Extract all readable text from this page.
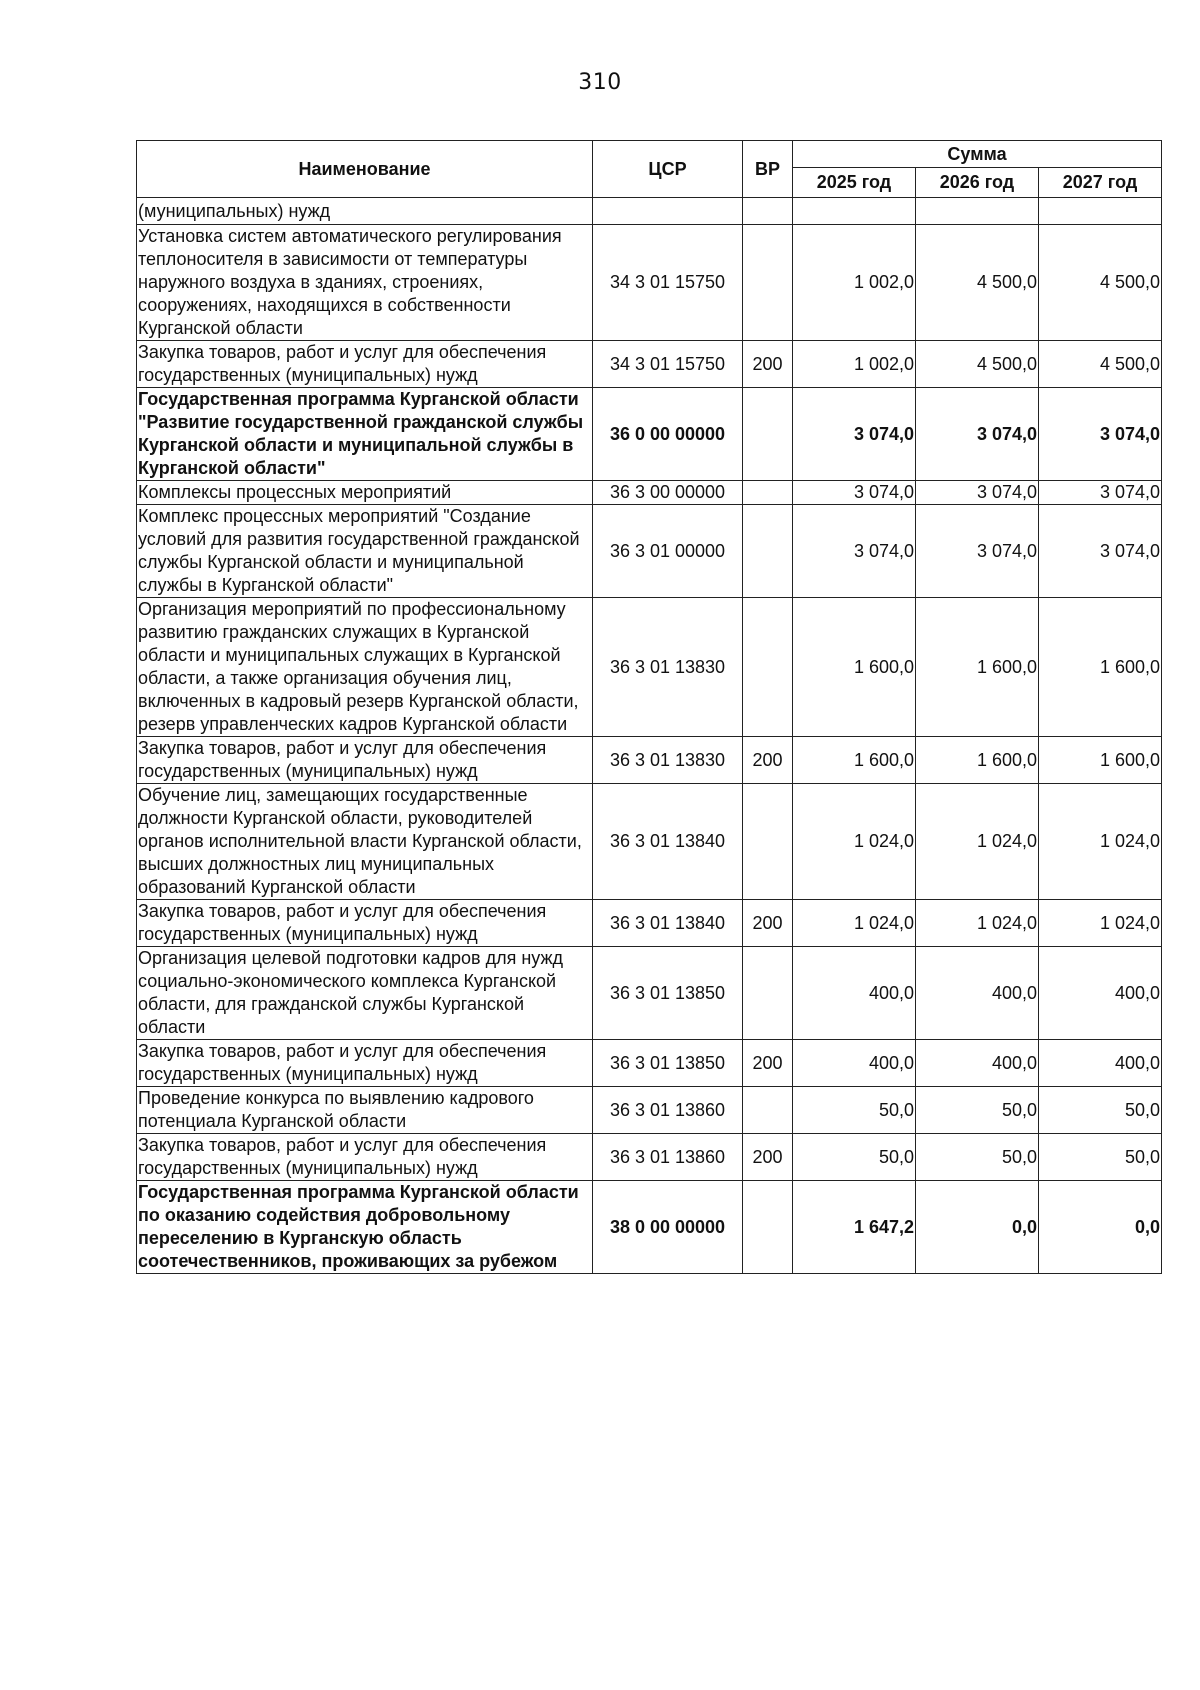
310
Наименование	ЦСР	ВР	Сумма		
			2025 год	2026 год	2027 год
(муниципальных) нужд					
Установка систем автоматического регулирования теплоносителя в зависимости от температуры наружного воздуха в зданиях, строениях, сооружениях, находящихся в собственности Курганской области	34 3 01 15750		1 002,0	4 500,0	4 500,0
Закупка товаров, работ и услуг для обеспечения государственных (муниципальных) нужд	34 3 01 15750	200	1 002,0	4 500,0	4 500,0
Государственная программа Курганской области "Развитие государственной гражданской службы Курганской области и муниципальной службы в Курганской области"	36 0 00 00000		3 074,0	3 074,0	3 074,0
Комплексы процессных мероприятий	36 3 00 00000		3 074,0	3 074,0	3 074,0
Комплекс процессных мероприятий "Создание условий для развития государственной гражданской службы Курганской области и муниципальной службы в Курганской области"	36 3 01 00000		3 074,0	3 074,0	3 074,0
Организация мероприятий по профессиональному развитию гражданских служащих в Курганской области и муниципальных служащих в Курганской области, а также организация обучения лиц, включенных в кадровый резерв Курганской области, резерв управленческих кадров Курганской области	36 3 01 13830		1 600,0	1 600,0	1 600,0
Закупка товаров, работ и услуг для обеспечения государственных (муниципальных) нужд	36 3 01 13830	200	1 600,0	1 600,0	1 600,0
Обучение лиц, замещающих государственные должности Курганской области, руководителей органов исполнительной власти Курганской области, высших должностных лиц муниципальных образований Курганской области	36 3 01 13840		1 024,0	1 024,0	1 024,0
Закупка товаров, работ и услуг для обеспечения государственных (муниципальных) нужд	36 3 01 13840	200	1 024,0	1 024,0	1 024,0
Организация целевой подготовки кадров для нужд социально-экономического комплекса Курганской области, для гражданской службы Курганской области	36 3 01 13850		400,0	400,0	400,0
Закупка товаров, работ и услуг для обеспечения государственных (муниципальных) нужд	36 3 01 13850	200	400,0	400,0	400,0
Проведение конкурса по выявлению кадрового потенциала Курганской области	36 3 01 13860		50,0	50,0	50,0
Закупка товаров, работ и услуг для обеспечения государственных (муниципальных) нужд	36 3 01 13860	200	50,0	50,0	50,0
Государственная программа Курганской области по оказанию содействия добровольному переселению в Курганскую область соотечественников, проживающих за рубежом	38 0 00 00000		1 647,2	0,0	0,0
